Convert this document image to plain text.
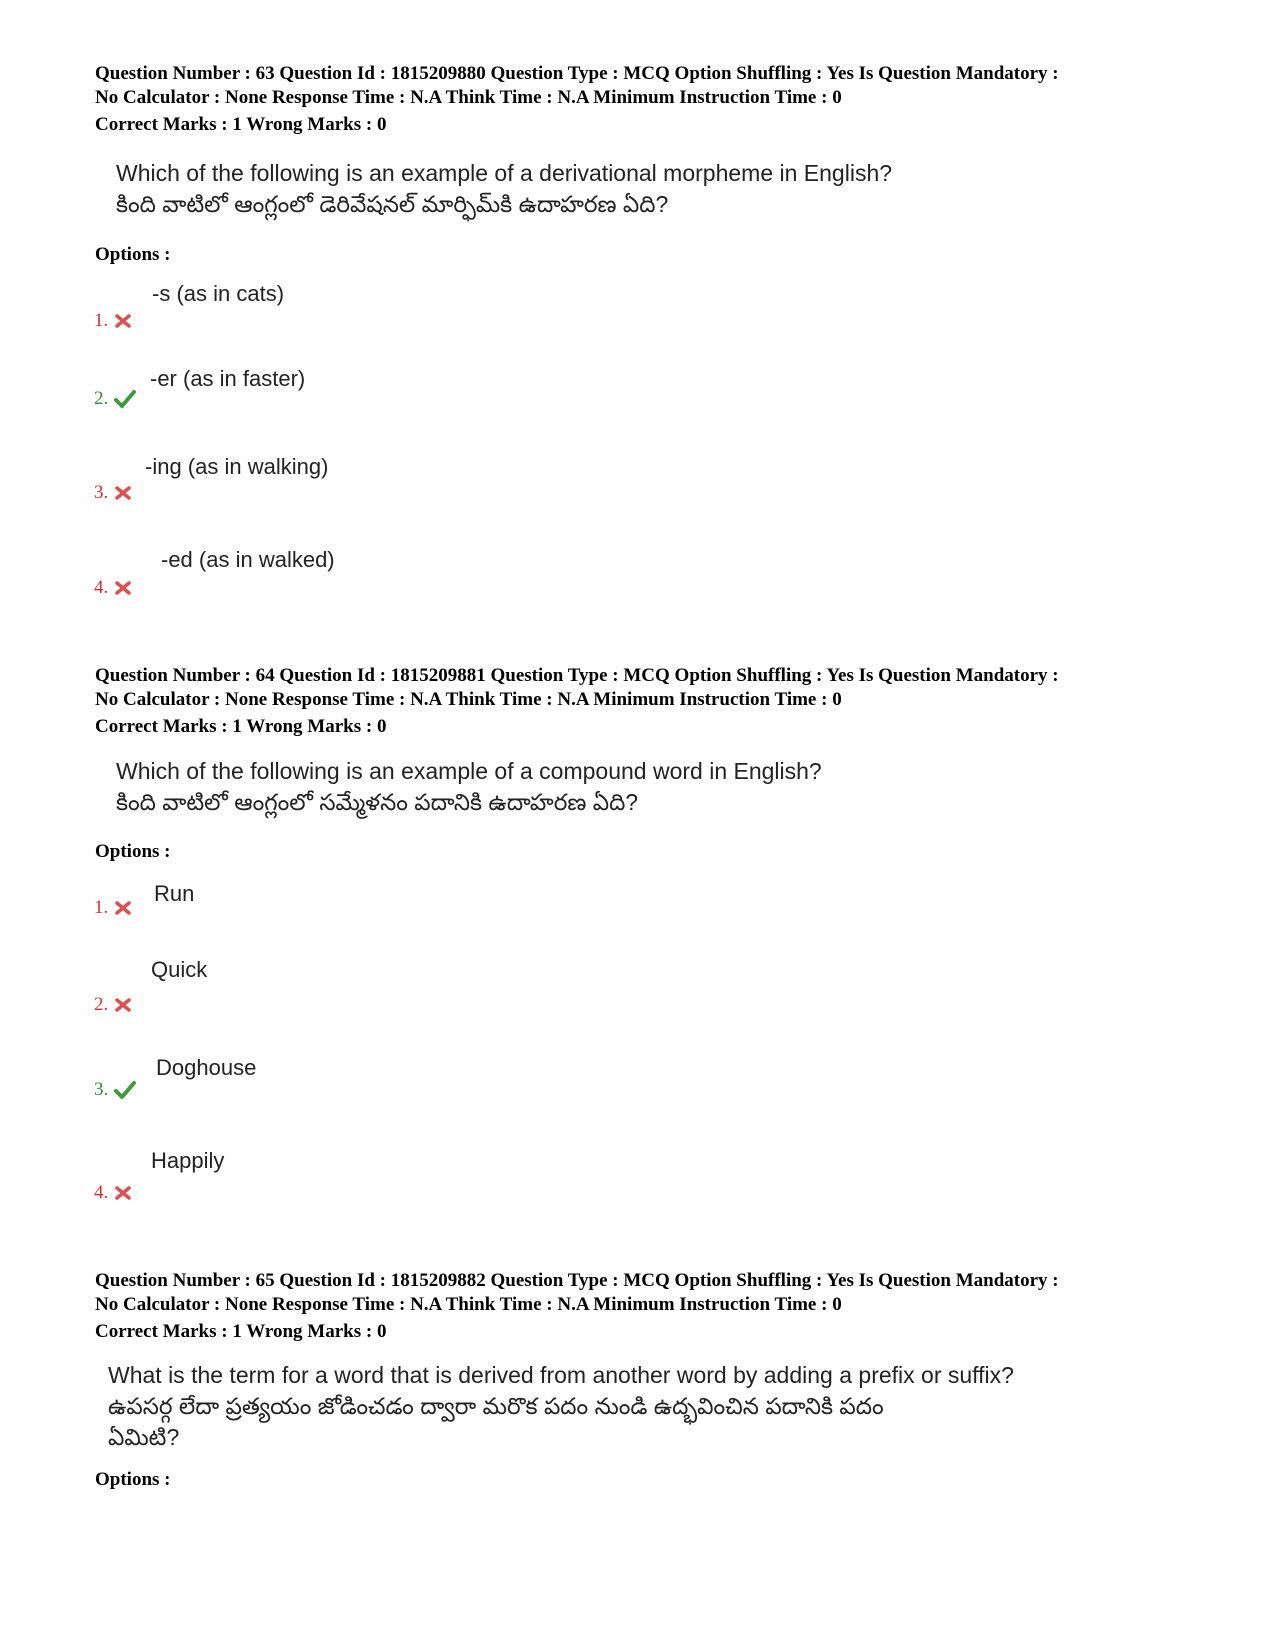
Question Number : 63 Question Id : 1815209880 Question Type : MCQ Option Shuffling : Yes Is Question Mandatory :
No Calculator : None Response Time : N.A Think Time : N.A Minimum Instruction Time : 0

Correct Marks : 1 Wrong Marks : 0
Which of the following is an example of a derivational morpheme in English?
కింది వాటిలో ఆంగ్లంలో డెరివేషనల్ మార్ఫిమ్‌కి ఉదాహరణ ఏది?
Options :
-s (as in cats)
1.
-er (as in faster)
2.
-ing (as in walking)
3.
-ed (as in walked)
4.

Question Number : 64 Question Id : 1815209881 Question Type : MCQ Option Shuffling : Yes Is Question Mandatory :
No Calculator : None Response Time : N.A Think Time : N.A Minimum Instruction Time : 0

Correct Marks : 1 Wrong Marks : 0
Which of the following is an example of a compound word in English?
కింది వాటిలో ఆంగ్లంలో సమ్మేళనం పదానికి ఉదాహరణ ఏది?
Options :
Run
1.
Quick
2.
Doghouse
3.
Happily
4.

Question Number : 65 Question Id : 1815209882 Question Type : MCQ Option Shuffling : Yes Is Question Mandatory :
No Calculator : None Response Time : N.A Think Time : N.A Minimum Instruction Time : 0

Correct Marks : 1 Wrong Marks : 0
What is the term for a word that is derived from another word by adding a prefix or suffix?
ఉపసర్గ లేదా ప్రత్యయం జోడించడం ద్వారా మరొక పదం నుండి ఉద్భవించిన పదానికి పదం
ఏమిటి?
Options :
